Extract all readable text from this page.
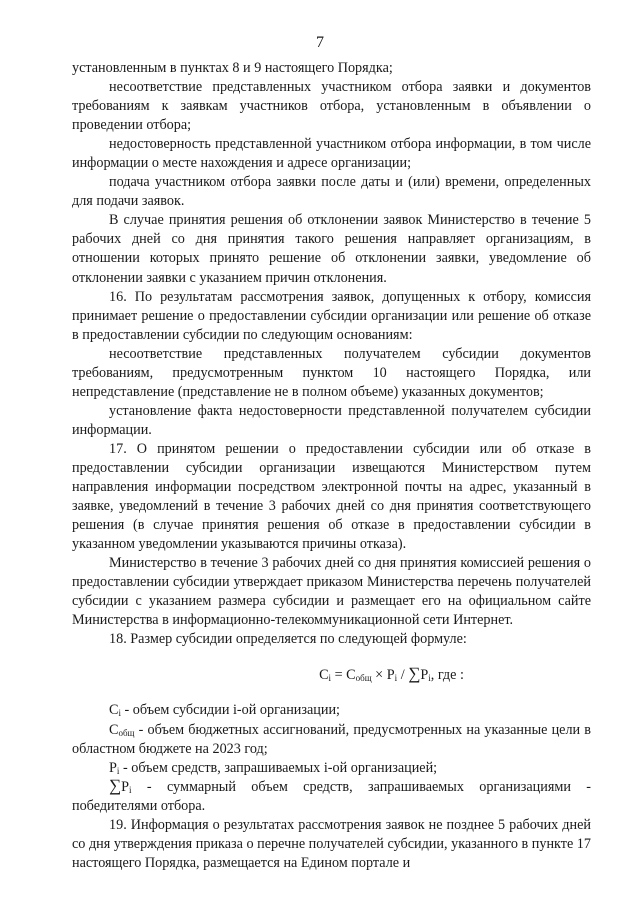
7

установленным в пунктах 8 и 9 настоящего Порядка;

несоответствие представленных участником отбора заявки и документов требованиям к заявкам участников отбора, установленным в объявлении о проведении отбора;

недостоверность представленной участником отбора информации, в том числе информации о месте нахождения и адресе организации;

подача участником отбора заявки после даты и (или) времени, определенных для подачи заявок.

В случае принятия решения об отклонении заявок Министерство в течение 5 рабочих дней со дня принятия такого решения направляет организациям, в отношении которых принято решение об отклонении заявки, уведомление об отклонении заявки с указанием причин отклонения.

16. По результатам рассмотрения заявок, допущенных к отбору, комиссия принимает решение о предоставлении субсидии организации или решение об отказе в предоставлении субсидии по следующим основаниям:

несоответствие представленных получателем субсидии документов требованиям, предусмотренным пунктом 10 настоящего Порядка, или непредставление (представление не в полном объеме) указанных документов;

установление факта недостоверности представленной получателем субсидии информации.

17. О принятом решении о предоставлении субсидии или об отказе в предоставлении субсидии организации извещаются Министерством путем направления информации посредством электронной почты на адрес, указанный в заявке, уведомлений в течение 3 рабочих дней со дня принятия соответствующего решения (в случае принятия решения об отказе в предоставлении субсидии в указанном уведомлении указываются причины отказа).

Министерство в течение 3 рабочих дней со дня принятия комиссией решения о предоставлении субсидии утверждает приказом Министерства перечень получателей субсидии с указанием размера субсидии и размещает его на официальном сайте Министерства в информационно-телекоммуникационной сети Интернет.

18. Размер субсидии определяется по следующей формуле:

$C_i = C_{общ} \times P_i / \sum P_i$, где :

$C_i$ - объем субсидии i-ой организации;

$C_{общ}$ - объем бюджетных ассигнований, предусмотренных на указанные цели в областном бюджете на 2023 год;

$P_i$ - объем средств, запрашиваемых i-ой организацией;

$\sum P_i$ - суммарный объем средств, запрашиваемых организациями - победителями отбора.

19. Информация о результатах рассмотрения заявок не позднее 5 рабочих дней со дня утверждения приказа о перечне получателей субсидии, указанного в пункте 17 настоящего Порядка, размещается на Едином портале и
